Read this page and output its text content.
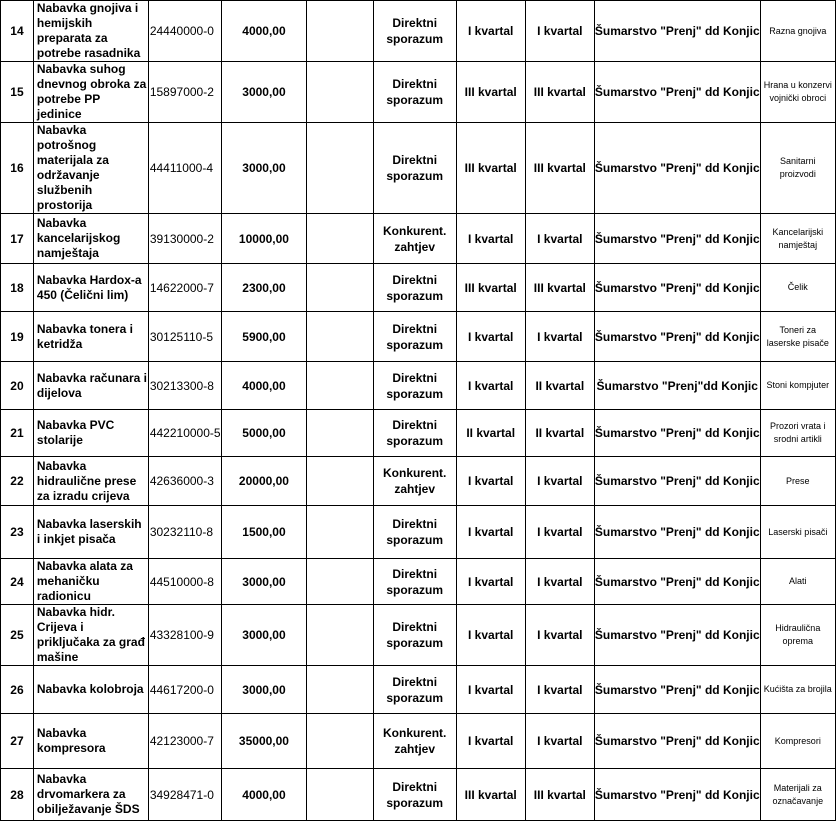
14	Nabavka gnojiva i hemijskih preparata za potrebe rasadnika	24440000-0	4000,00		Direktni sporazum	I kvartal	I kvartal	Šumarstvo "Prenj" dd Konjic	Razna gnojiva
15	Nabavka suhog dnevnog obroka za potrebe PP jedinice	15897000-2	3000,00		Direktni sporazum	III kvartal	III kvartal	Šumarstvo "Prenj" dd Konjic	Hrana u konzervi vojnički obroci
16	Nabavka potrošnog materijala za održavanje službenih prostorija	44411000-4	3000,00		Direktni sporazum	III kvartal	III kvartal	Šumarstvo "Prenj" dd Konjic	Sanitarni proizvodi
17	Nabavka kancelarijskog namještaja	39130000-2	10000,00		Konkurent. zahtjev	I kvartal	I kvartal	Šumarstvo "Prenj" dd Konjic	Kancelarijski namještaj
18	Nabavka Hardox-a 450 (Čelični lim)	14622000-7	2300,00		Direktni sporazum	III kvartal	III kvartal	Šumarstvo "Prenj" dd Konjic	Čelik
19	Nabavka tonera i ketridža	30125110-5	5900,00		Direktni sporazum	I kvartal	I kvartal	Šumarstvo "Prenj" dd Konjic	Toneri za laserske pisače
20	Nabavka računara i dijelova	30213300-8	4000,00		Direktni sporazum	I kvartal	II kvartal	Šumarstvo "Prenj"dd Konjic	Stoni kompjuter
21	Nabavka PVC stolarije	442210000-5	5000,00		Direktni sporazum	II kvartal	II kvartal	Šumarstvo "Prenj" dd Konjic	Prozori vrata i srodni artikli
22	Nabavka hidraulične prese za izradu crijeva	42636000-3	20000,00		Konkurent. zahtjev	I kvartal	I kvartal	Šumarstvo "Prenj" dd Konjic	Prese
23	Nabavka laserskih i inkjet pisača	30232110-8	1500,00		Direktni sporazum	I kvartal	I kvartal	Šumarstvo "Prenj" dd Konjic	Laserski pisači
24	Nabavka alata za mehaničku radionicu	44510000-8	3000,00		Direktni sporazum	I kvartal	I kvartal	Šumarstvo "Prenj" dd Konjic	Alati
25	Nabavka hidr. Crijeva i priključaka za građ mašine	43328100-9	3000,00		Direktni sporazum	I kvartal	I kvartal	Šumarstvo "Prenj" dd Konjic	Hidraulična oprema
26	Nabavka kolobroja	44617200-0	3000,00		Direktni sporazum	I kvartal	I kvartal	Šumarstvo "Prenj" dd Konjic	Kućišta za brojila
27	Nabavka kompresora	42123000-7	35000,00		Konkurent. zahtjev	I kvartal	I kvartal	Šumarstvo "Prenj" dd Konjic	Kompresori
28	Nabavka drvomarkera za obilježavanje ŠDS	34928471-0	4000,00		Direktni sporazum	III kvartal	III kvartal	Šumarstvo "Prenj" dd Konjic	Materijali za označavanje
